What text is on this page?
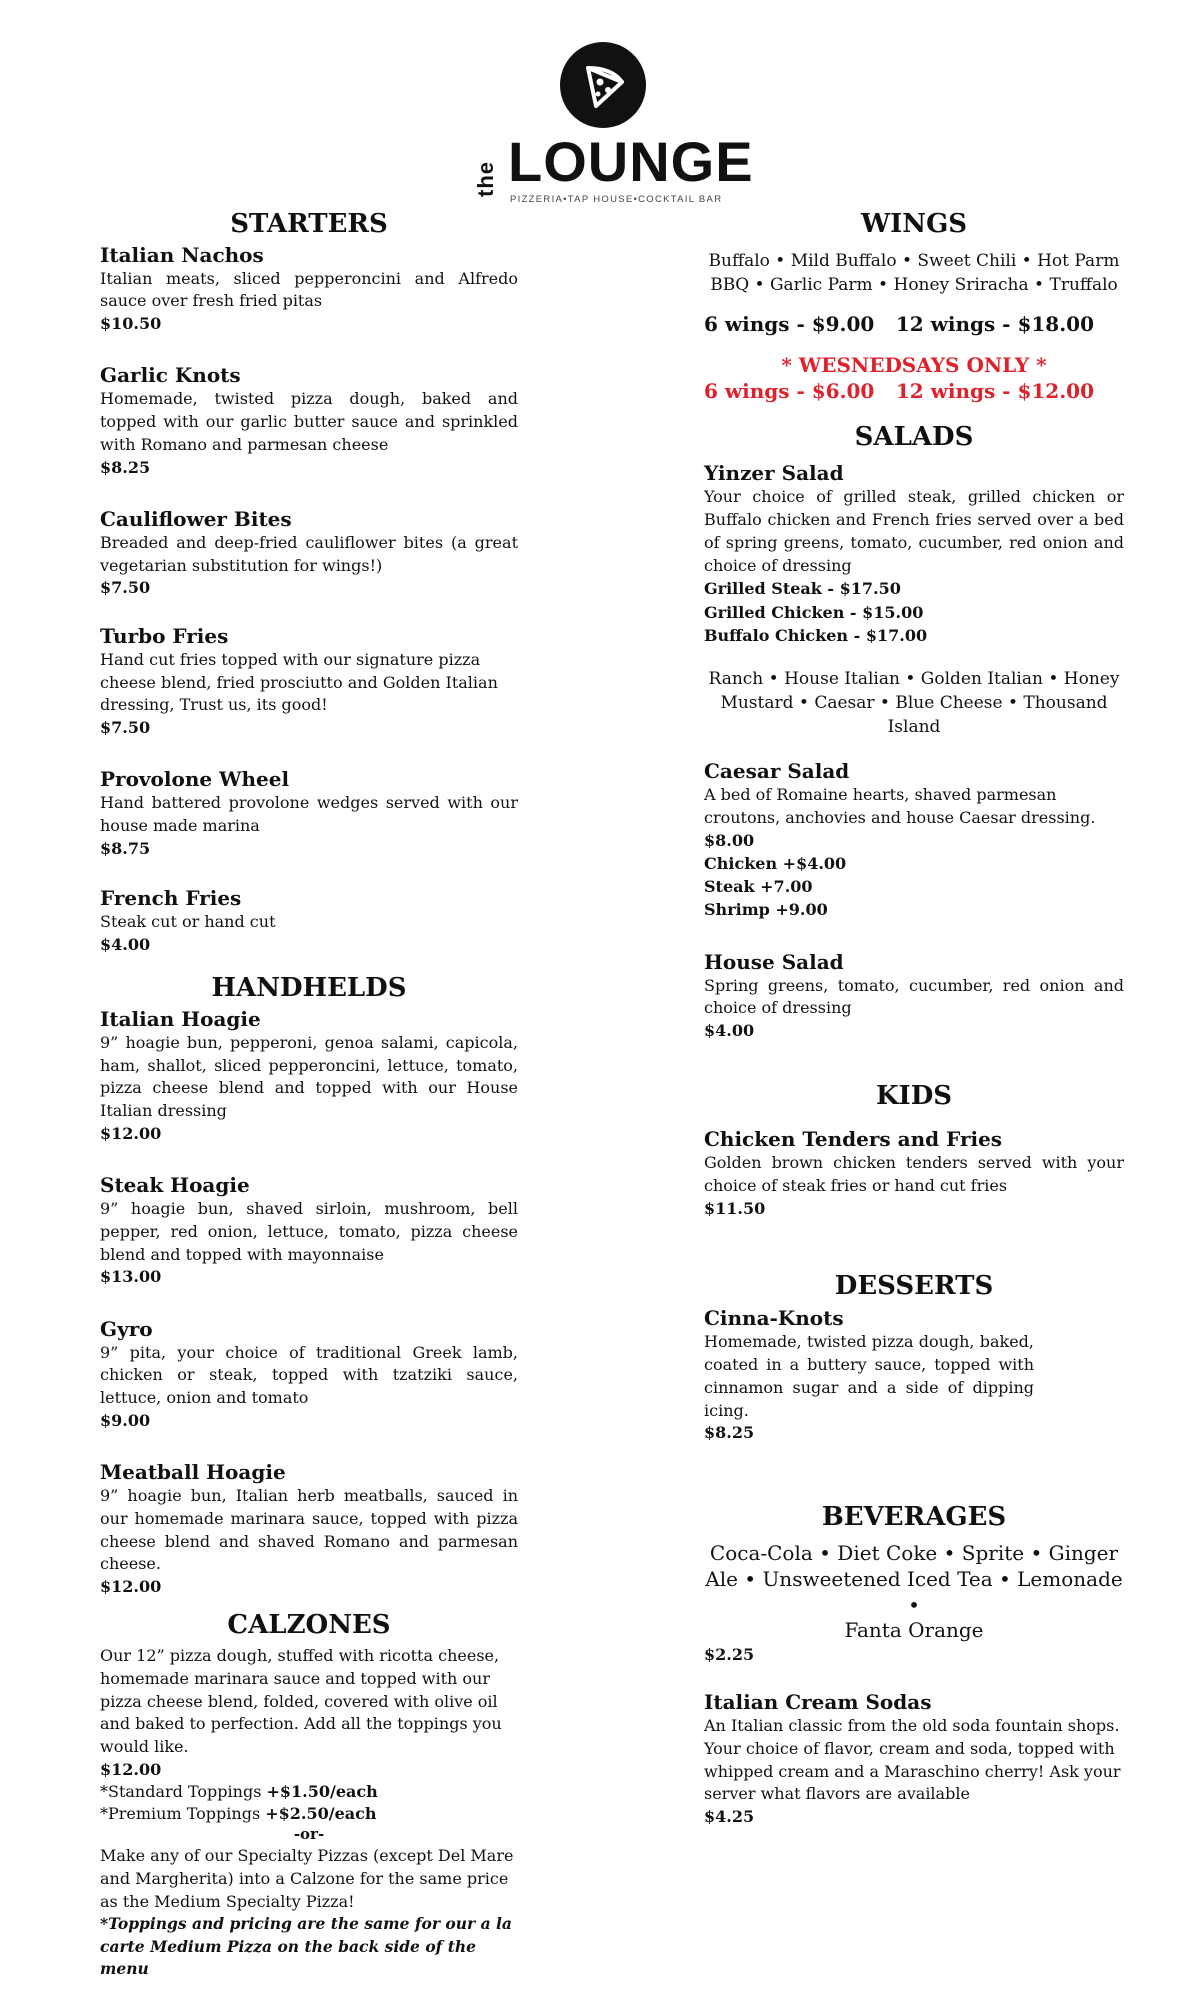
the LOUNGE
PIZZERIA•TAP HOUSE•COCKTAIL BAR
STARTERS

Italian Nachos

Italian meats, sliced pepperoncini and Alfredo sauce over fresh fried pitas

$10.50

Garlic Knots

Homemade, twisted pizza dough, baked and topped with our garlic butter sauce and sprinkled with Romano and parmesan cheese

$8.25

Cauliflower Bites

Breaded and deep-fried cauliflower bites (a great vegetarian substitution for wings!)

$7.50

Turbo Fries

Hand cut fries topped with our signature pizza cheese blend, fried prosciutto and Golden Italian dressing, Trust us, its good!

$7.50

Provolone Wheel

Hand battered provolone wedges served with our house made marina

$8.75

French Fries

Steak cut or hand cut

$4.00

HANDHELDS

Italian Hoagie

9” hoagie bun, pepperoni, genoa salami, capicola, ham, shallot, sliced pepperoncini, lettuce, tomato, pizza cheese blend and topped with our House Italian dressing

$12.00

Steak Hoagie

9” hoagie bun, shaved sirloin, mushroom, bell pepper, red onion, lettuce, tomato, pizza cheese blend and topped with mayonnaise

$13.00

Gyro

9” pita, your choice of traditional Greek lamb, chicken or steak, topped with tzatziki sauce, lettuce, onion and tomato

$9.00

Meatball Hoagie

9” hoagie bun, Italian herb meatballs, sauced in our homemade marinara sauce, topped with pizza cheese blend and shaved Romano and parmesan cheese.

$12.00

CALZONES

Our 12” pizza dough, stuffed with ricotta cheese, homemade marinara sauce and topped with our pizza cheese blend, folded, covered with olive oil and baked to perfection. Add all the toppings you would like.

$12.00

*Standard Toppings +$1.50/each

*Premium Toppings +$2.50/each

-or-

Make any of our Specialty Pizzas (except Del Mare and Margherita) into a Calzone for the same price as the Medium Specialty Pizza!

*Toppings and pricing are the same for our a la carte Medium Pizza on the back side of the menu

WINGS

Buffalo • Mild Buffalo • Sweet Chili • Hot Parm

BBQ • Garlic Parm • Honey Sriracha • Truffalo

6 wings - $9.00 12 wings - $18.00

* WESNEDSAYS ONLY *

6 wings - $6.00 12 wings - $12.00
SALADS

Yinzer Salad

Your choice of grilled steak, grilled chicken or Buffalo chicken and French fries served over a bed of spring greens, tomato, cucumber, red onion and choice of dressing

Grilled Steak - $17.50

Grilled Chicken - $15.00

Buffalo Chicken - $17.00

Ranch • House Italian • Golden Italian • Honey

Mustard • Caesar • Blue Cheese • Thousand Island

Caesar Salad

A bed of Romaine hearts, shaved parmesan croutons, anchovies and house Caesar dressing.

$8.00

Chicken +$4.00

Steak +7.00

Shrimp +9.00

House Salad

Spring greens, tomato, cucumber, red onion and choice of dressing

$4.00

KIDS

Chicken Tenders and Fries

Golden brown chicken tenders served with your choice of steak fries or hand cut fries

$11.50

DESSERTS

Cinna-Knots

Homemade, twisted pizza dough, baked, coated in a buttery sauce, topped with cinnamon sugar and a side of dipping icing.

$8.25

BEVERAGES

Coca-Cola • Diet Coke • Sprite • Ginger

Ale • Unsweetened Iced Tea • Lemonade •

Fanta Orange

$2.25

Italian Cream Sodas

An Italian classic from the old soda fountain shops. Your choice of flavor, cream and soda, topped with whipped cream and a Maraschino cherry! Ask your server what flavors are available

$4.25
